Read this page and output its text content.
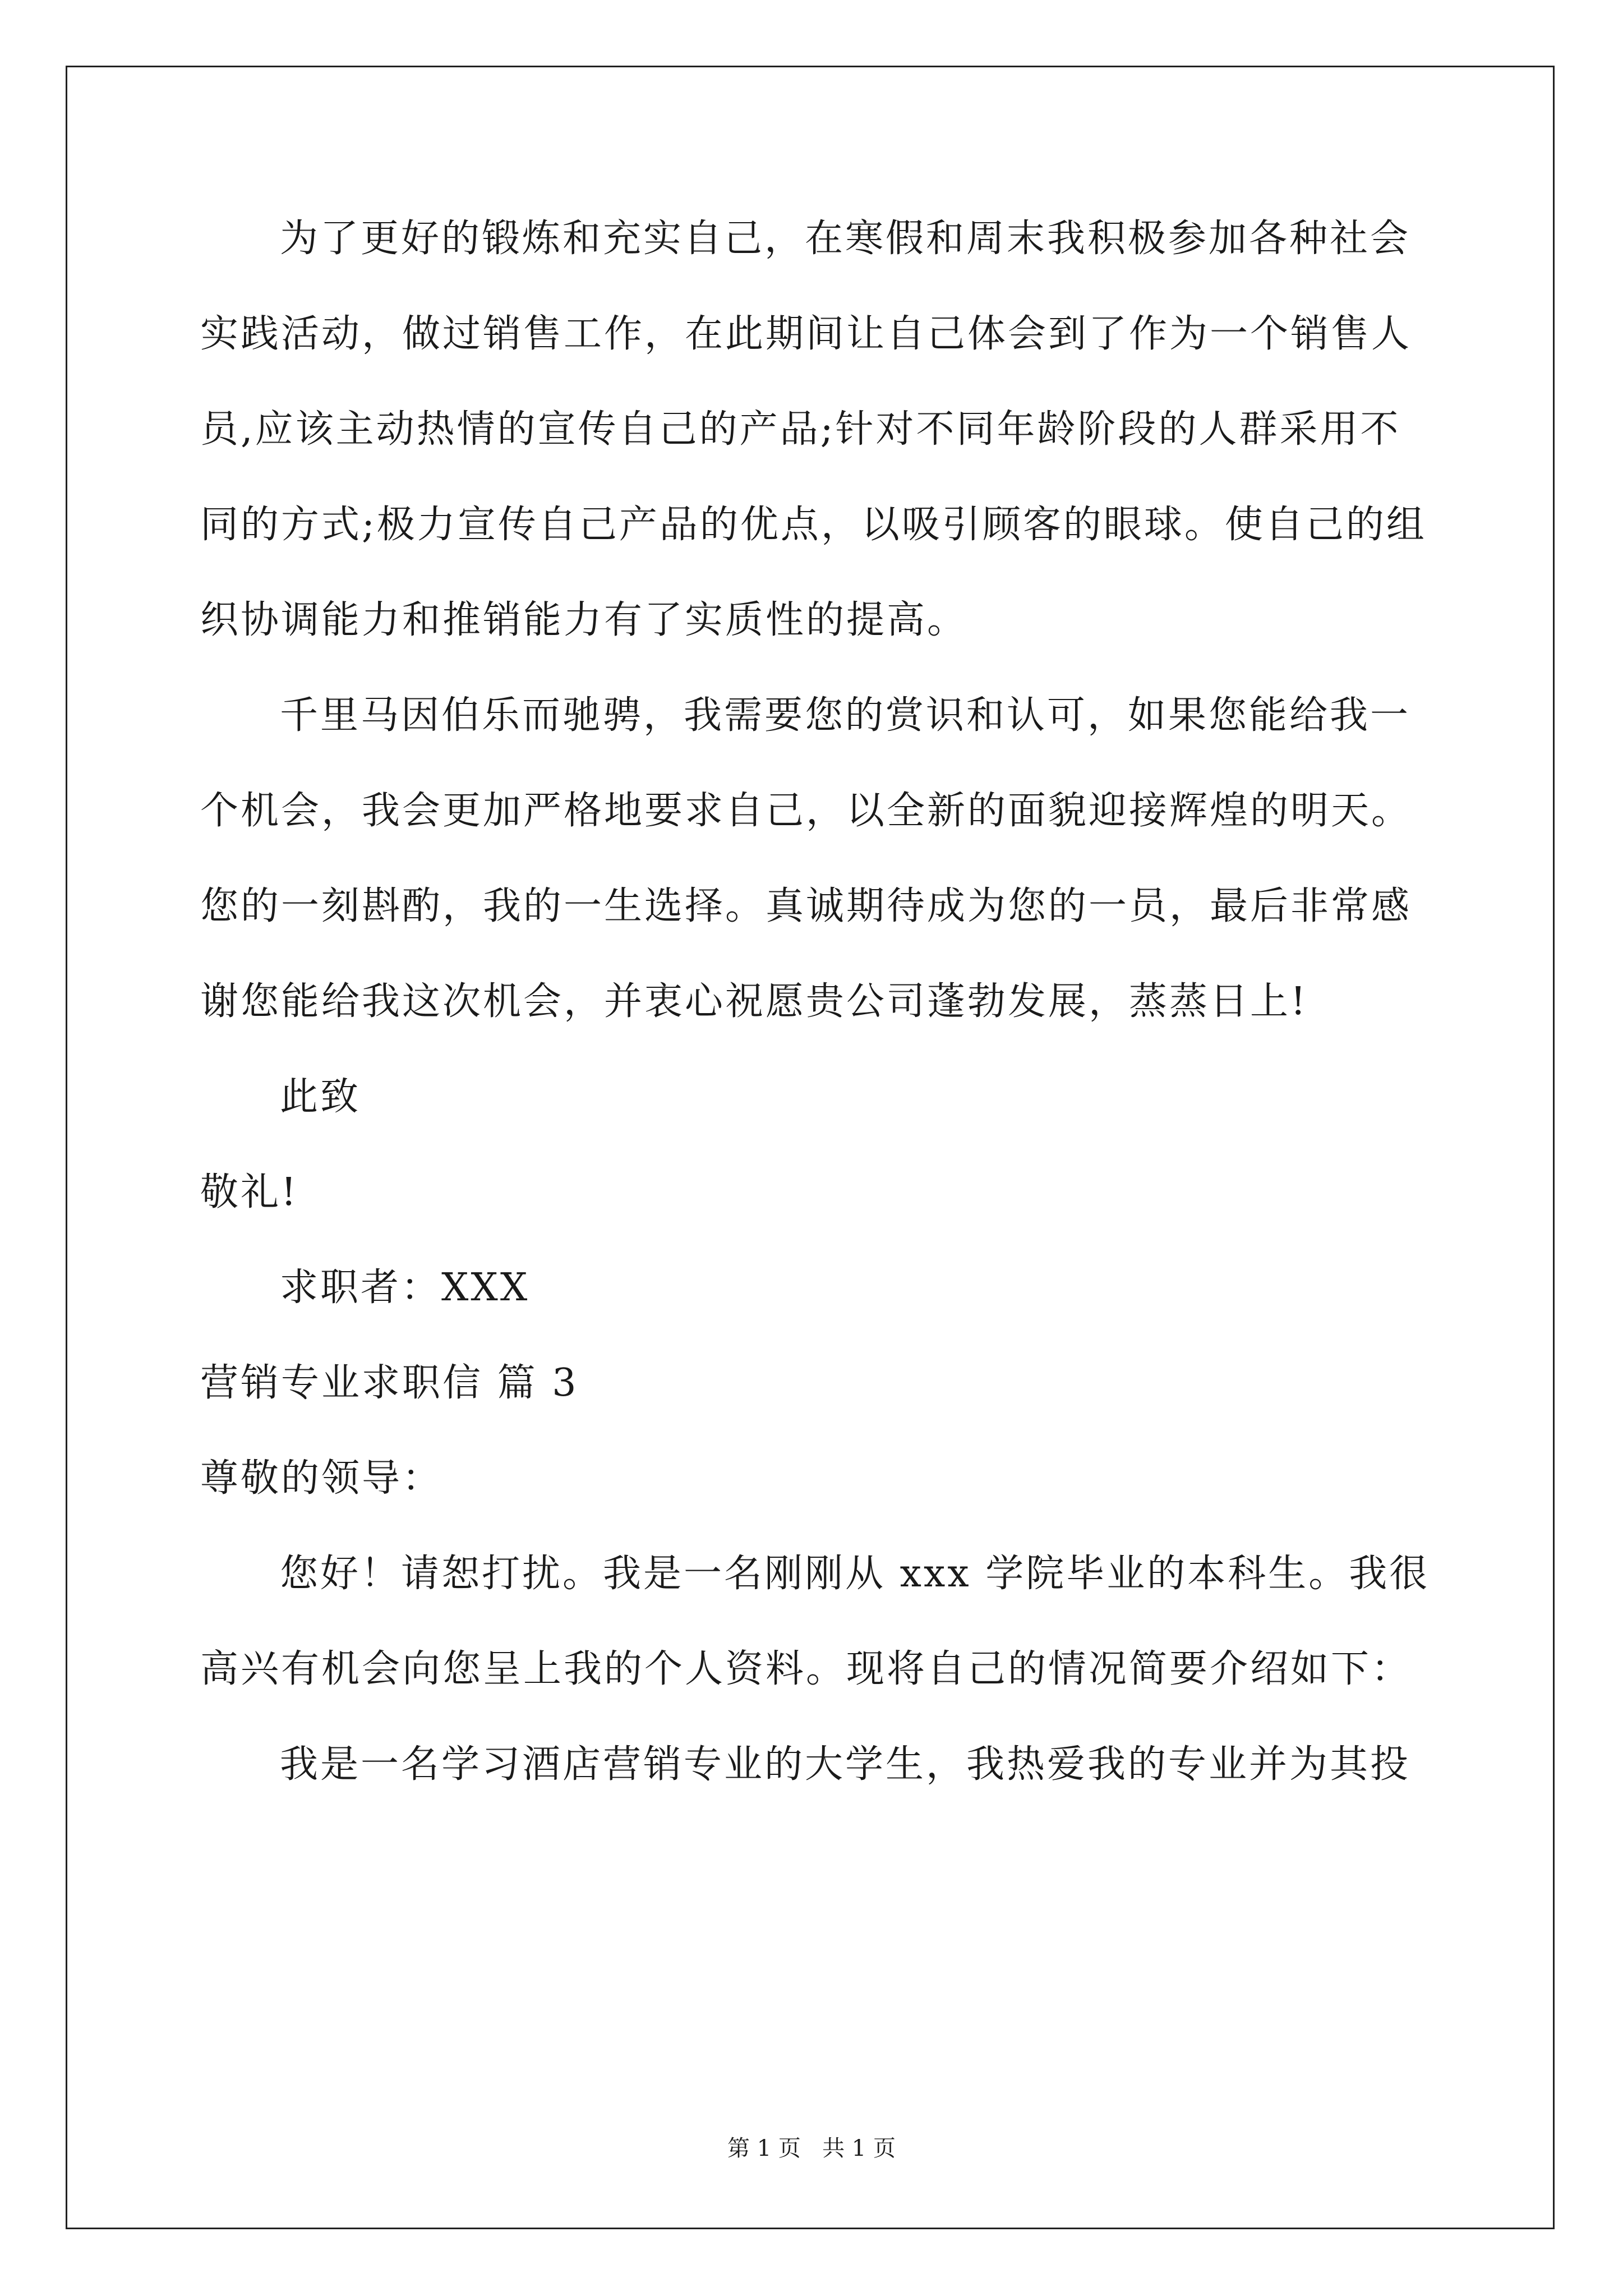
为了更好的锻炼和充实自己，在寒假和周末我积极参加各种社会
实践活动，做过销售工作，在此期间让自己体会到了作为一个销售人
员,应该主动热情的宣传自己的产品;针对不同年龄阶段的人群采用不
同的方式;极力宣传自己产品的优点，以吸引顾客的眼球。使自己的组
织协调能力和推销能力有了实质性的提高。
千里马因伯乐而驰骋，我需要您的赏识和认可，如果您能给我一
个机会，我会更加严格地要求自己，以全新的面貌迎接辉煌的明天。
您的一刻斟酌，我的一生选择。真诚期待成为您的一员，最后非常感
谢您能给我这次机会，并衷心祝愿贵公司蓬勃发展，蒸蒸日上!
此致
敬礼!
求职者：XXX
营销专业求职信 篇 3
尊敬的领导：
您好！请恕打扰。我是一名刚刚从 xxx 学院毕业的本科生。我很
高兴有机会向您呈上我的个人资料。现将自己的情况简要介绍如下：
我是一名学习酒店营销专业的大学生，我热爱我的专业并为其投
第 1 页   共 1 页
